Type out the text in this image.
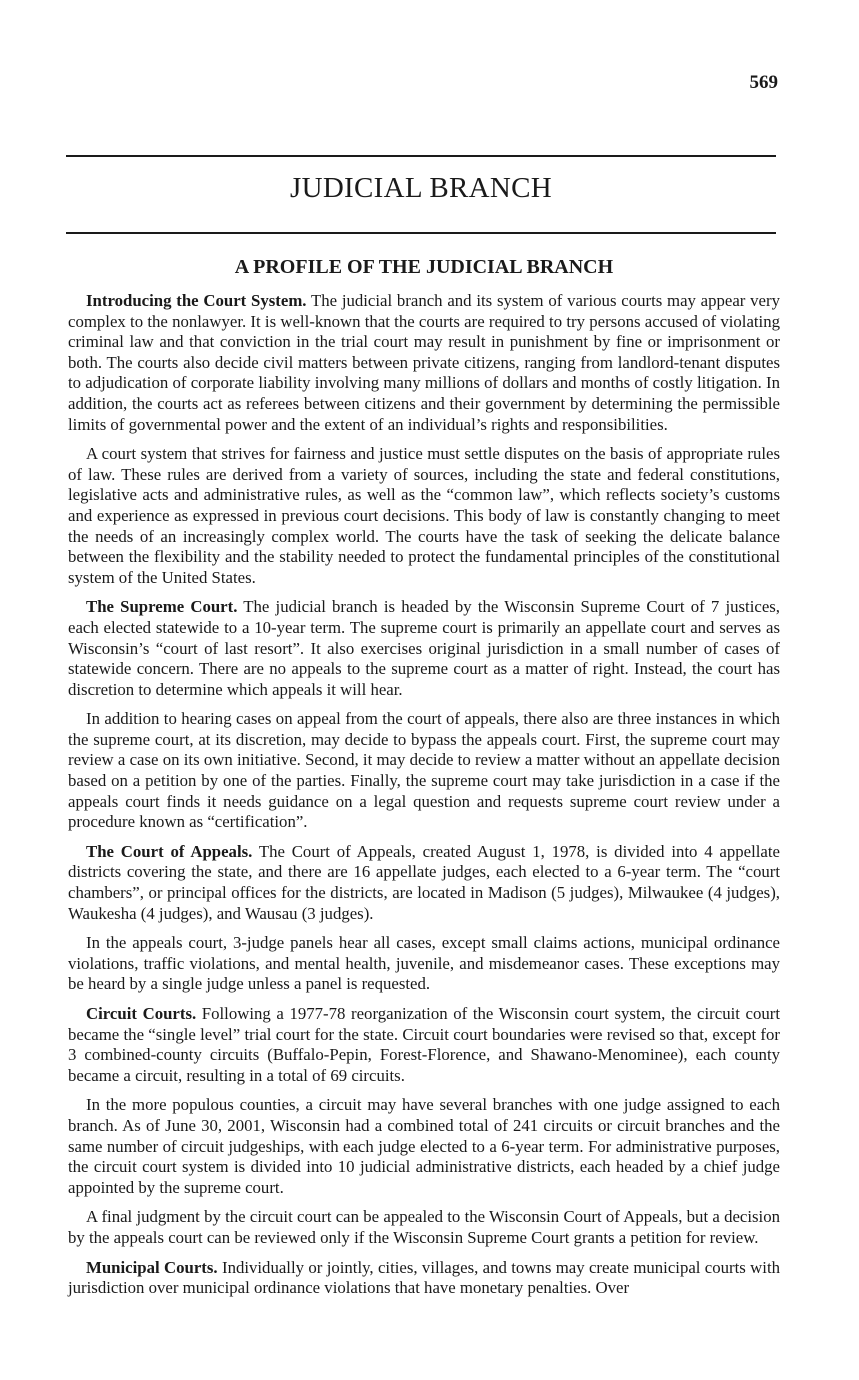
569
JUDICIAL BRANCH
A PROFILE OF THE JUDICIAL BRANCH

Introducing the Court System. The judicial branch and its system of various courts may appear very complex to the nonlawyer. It is well-known that the courts are required to try persons accused of violating criminal law and that conviction in the trial court may result in punishment by fine or imprisonment or both. The courts also decide civil matters between private citizens, ranging from landlord-tenant disputes to adjudication of corporate liability involving many millions of dollars and months of costly litigation. In addition, the courts act as referees between citizens and their government by determining the permissible limits of governmental power and the extent of an individual’s rights and responsibilities.

A court system that strives for fairness and justice must settle disputes on the basis of appropriate rules of law. These rules are derived from a variety of sources, including the state and federal constitutions, legislative acts and administrative rules, as well as the “common law”, which reflects society’s customs and experience as expressed in previous court decisions. This body of law is constantly changing to meet the needs of an increasingly complex world. The courts have the task of seeking the delicate balance between the flexibility and the stability needed to protect the fundamental principles of the constitutional system of the United States.

The Supreme Court. The judicial branch is headed by the Wisconsin Supreme Court of 7 justices, each elected statewide to a 10-year term. The supreme court is primarily an appellate court and serves as Wisconsin’s “court of last resort”. It also exercises original jurisdiction in a small number of cases of statewide concern. There are no appeals to the supreme court as a matter of right. Instead, the court has discretion to determine which appeals it will hear.

In addition to hearing cases on appeal from the court of appeals, there also are three instances in which the supreme court, at its discretion, may decide to bypass the appeals court. First, the supreme court may review a case on its own initiative. Second, it may decide to review a matter without an appellate decision based on a petition by one of the parties. Finally, the supreme court may take jurisdiction in a case if the appeals court finds it needs guidance on a legal question and requests supreme court review under a procedure known as “certification”.

The Court of Appeals. The Court of Appeals, created August 1, 1978, is divided into 4 appellate districts covering the state, and there are 16 appellate judges, each elected to a 6-year term. The “court chambers”, or principal offices for the districts, are located in Madison (5 judges), Milwaukee (4 judges), Waukesha (4 judges), and Wausau (3 judges).

In the appeals court, 3-judge panels hear all cases, except small claims actions, municipal ordinance violations, traffic violations, and mental health, juvenile, and misdemeanor cases. These exceptions may be heard by a single judge unless a panel is requested.

Circuit Courts. Following a 1977-78 reorganization of the Wisconsin court system, the circuit court became the “single level” trial court for the state. Circuit court boundaries were revised so that, except for 3 combined-county circuits (Buffalo-Pepin, Forest-Florence, and Shawano-Menominee), each county became a circuit, resulting in a total of 69 circuits.

In the more populous counties, a circuit may have several branches with one judge assigned to each branch. As of June 30, 2001, Wisconsin had a combined total of 241 circuits or circuit branches and the same number of circuit judgeships, with each judge elected to a 6-year term. For administrative purposes, the circuit court system is divided into 10 judicial administrative districts, each headed by a chief judge appointed by the supreme court.

A final judgment by the circuit court can be appealed to the Wisconsin Court of Appeals, but a decision by the appeals court can be reviewed only if the Wisconsin Supreme Court grants a petition for review.

Municipal Courts. Individually or jointly, cities, villages, and towns may create municipal courts with jurisdiction over municipal ordinance violations that have monetary penalties. Over
